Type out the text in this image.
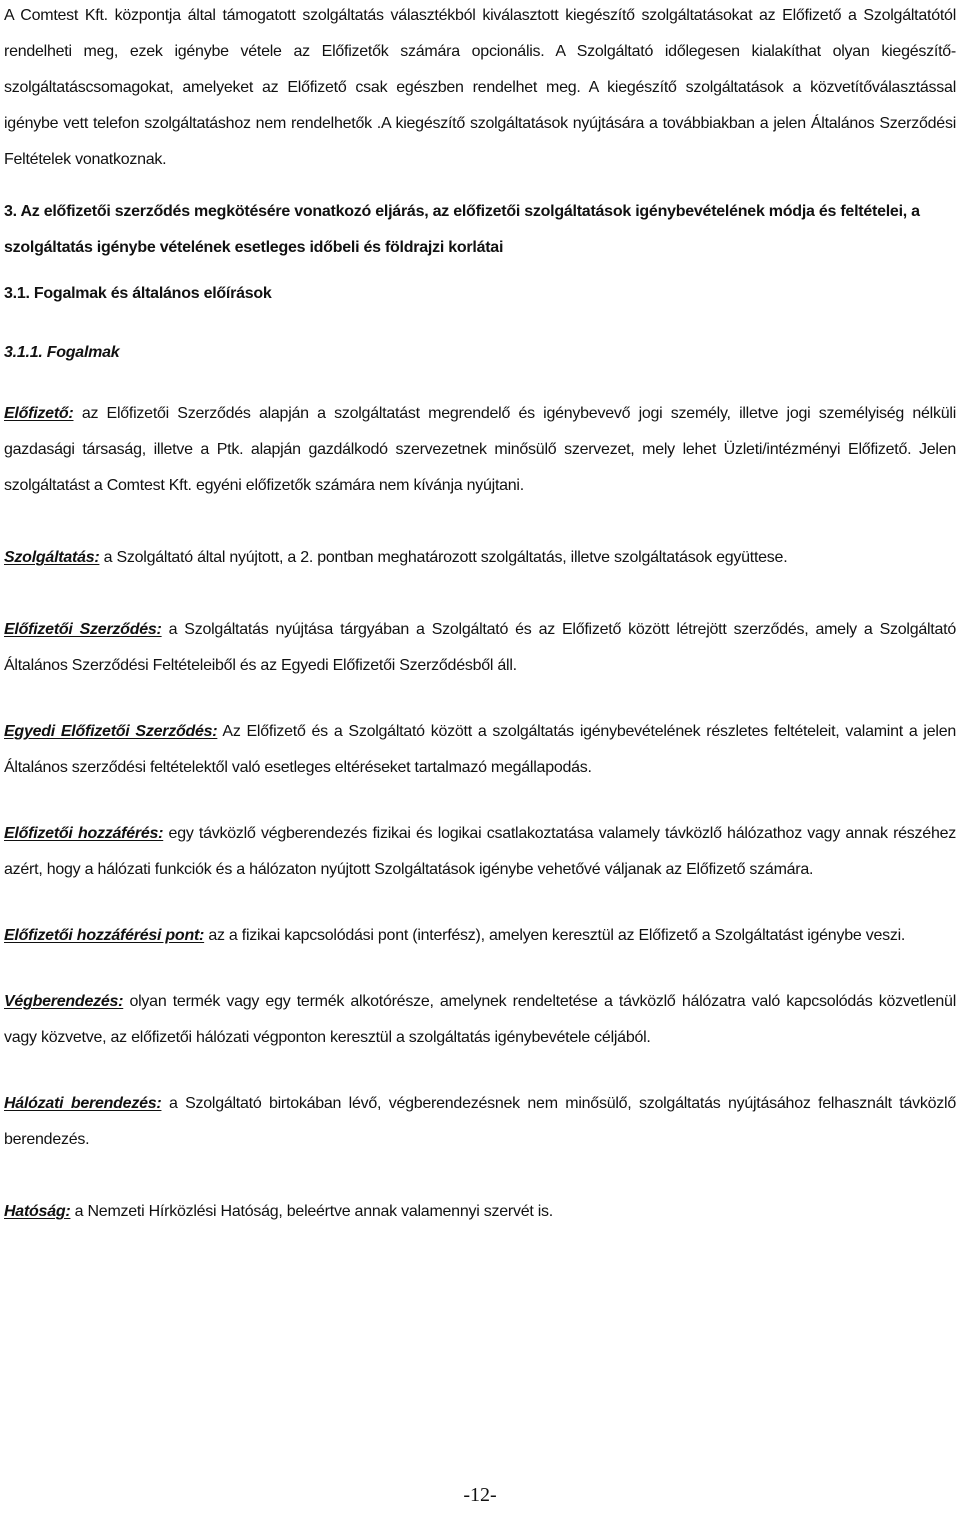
A Comtest Kft. központja által támogatott szolgáltatás választékból kiválasztott kiegészítő szolgáltatásokat az Előfizető a Szolgáltatótól rendelheti meg, ezek igénybe vétele az Előfizetők számára opcionális. A Szolgáltató időlegesen kialakíthat olyan kiegészítő-szolgáltatáscsomagokat, amelyeket az Előfizető csak egészben rendelhet meg. A kiegészítő szolgáltatások a közvetítőválasztással igénybe vett telefon szolgáltatáshoz nem rendelhetők .A kiegészítő szolgáltatások nyújtására a továbbiakban a jelen Általános Szerződési Feltételek vonatkoznak.

3. Az előfizetői szerződés megkötésére vonatkozó eljárás, az előfizetői szolgáltatások igénybevételének módja és feltételei, a szolgáltatás igénybe vételének esetleges időbeli és földrajzi korlátai

3.1. Fogalmak és általános előírások

3.1.1. Fogalmak

Előfizető: az Előfizetői Szerződés alapján a szolgáltatást megrendelő és igénybevevő jogi személy, illetve jogi személyiség nélküli gazdasági társaság, illetve a Ptk. alapján gazdálkodó szervezetnek minősülő szervezet, mely lehet Üzleti/intézményi Előfizető. Jelen szolgáltatást a Comtest Kft. egyéni előfizetők számára nem kívánja nyújtani.

Szolgáltatás: a Szolgáltató által nyújtott, a 2. pontban meghatározott szolgáltatás, illetve szolgáltatások együttese.

Előfizetői Szerződés: a Szolgáltatás nyújtása tárgyában a Szolgáltató és az Előfizető között létrejött szerződés, amely a Szolgáltató Általános Szerződési Feltételeiből és az Egyedi Előfizetői Szerződésből áll.

Egyedi Előfizetői Szerződés: Az Előfizető és a Szolgáltató között a szolgáltatás igénybevételének részletes feltételeit, valamint a jelen Általános szerződési feltételektől való esetleges eltéréseket tartalmazó megállapodás.

Előfizetői hozzáférés: egy távközlő végberendezés fizikai és logikai csatlakoztatása valamely távközlő hálózathoz vagy annak részéhez azért, hogy a hálózati funkciók és a hálózaton nyújtott Szolgáltatások igénybe vehetővé váljanak az Előfizető számára.

Előfizetői hozzáférési pont: az a fizikai kapcsolódási pont (interfész), amelyen keresztül az Előfizető a Szolgáltatást igénybe veszi.

Végberendezés: olyan termék vagy egy termék alkotórésze, amelynek rendeltetése a távközlő hálózatra való kapcsolódás közvetlenül vagy közvetve, az előfizetői hálózati végponton keresztül a szolgáltatás igénybevétele céljából.

Hálózati berendezés: a Szolgáltató birtokában lévő, végberendezésnek nem minősülő, szolgáltatás nyújtásához felhasznált távközlő berendezés.

Hatóság: a Nemzeti Hírközlési Hatóság, beleértve annak valamennyi szervét is.

-12-
